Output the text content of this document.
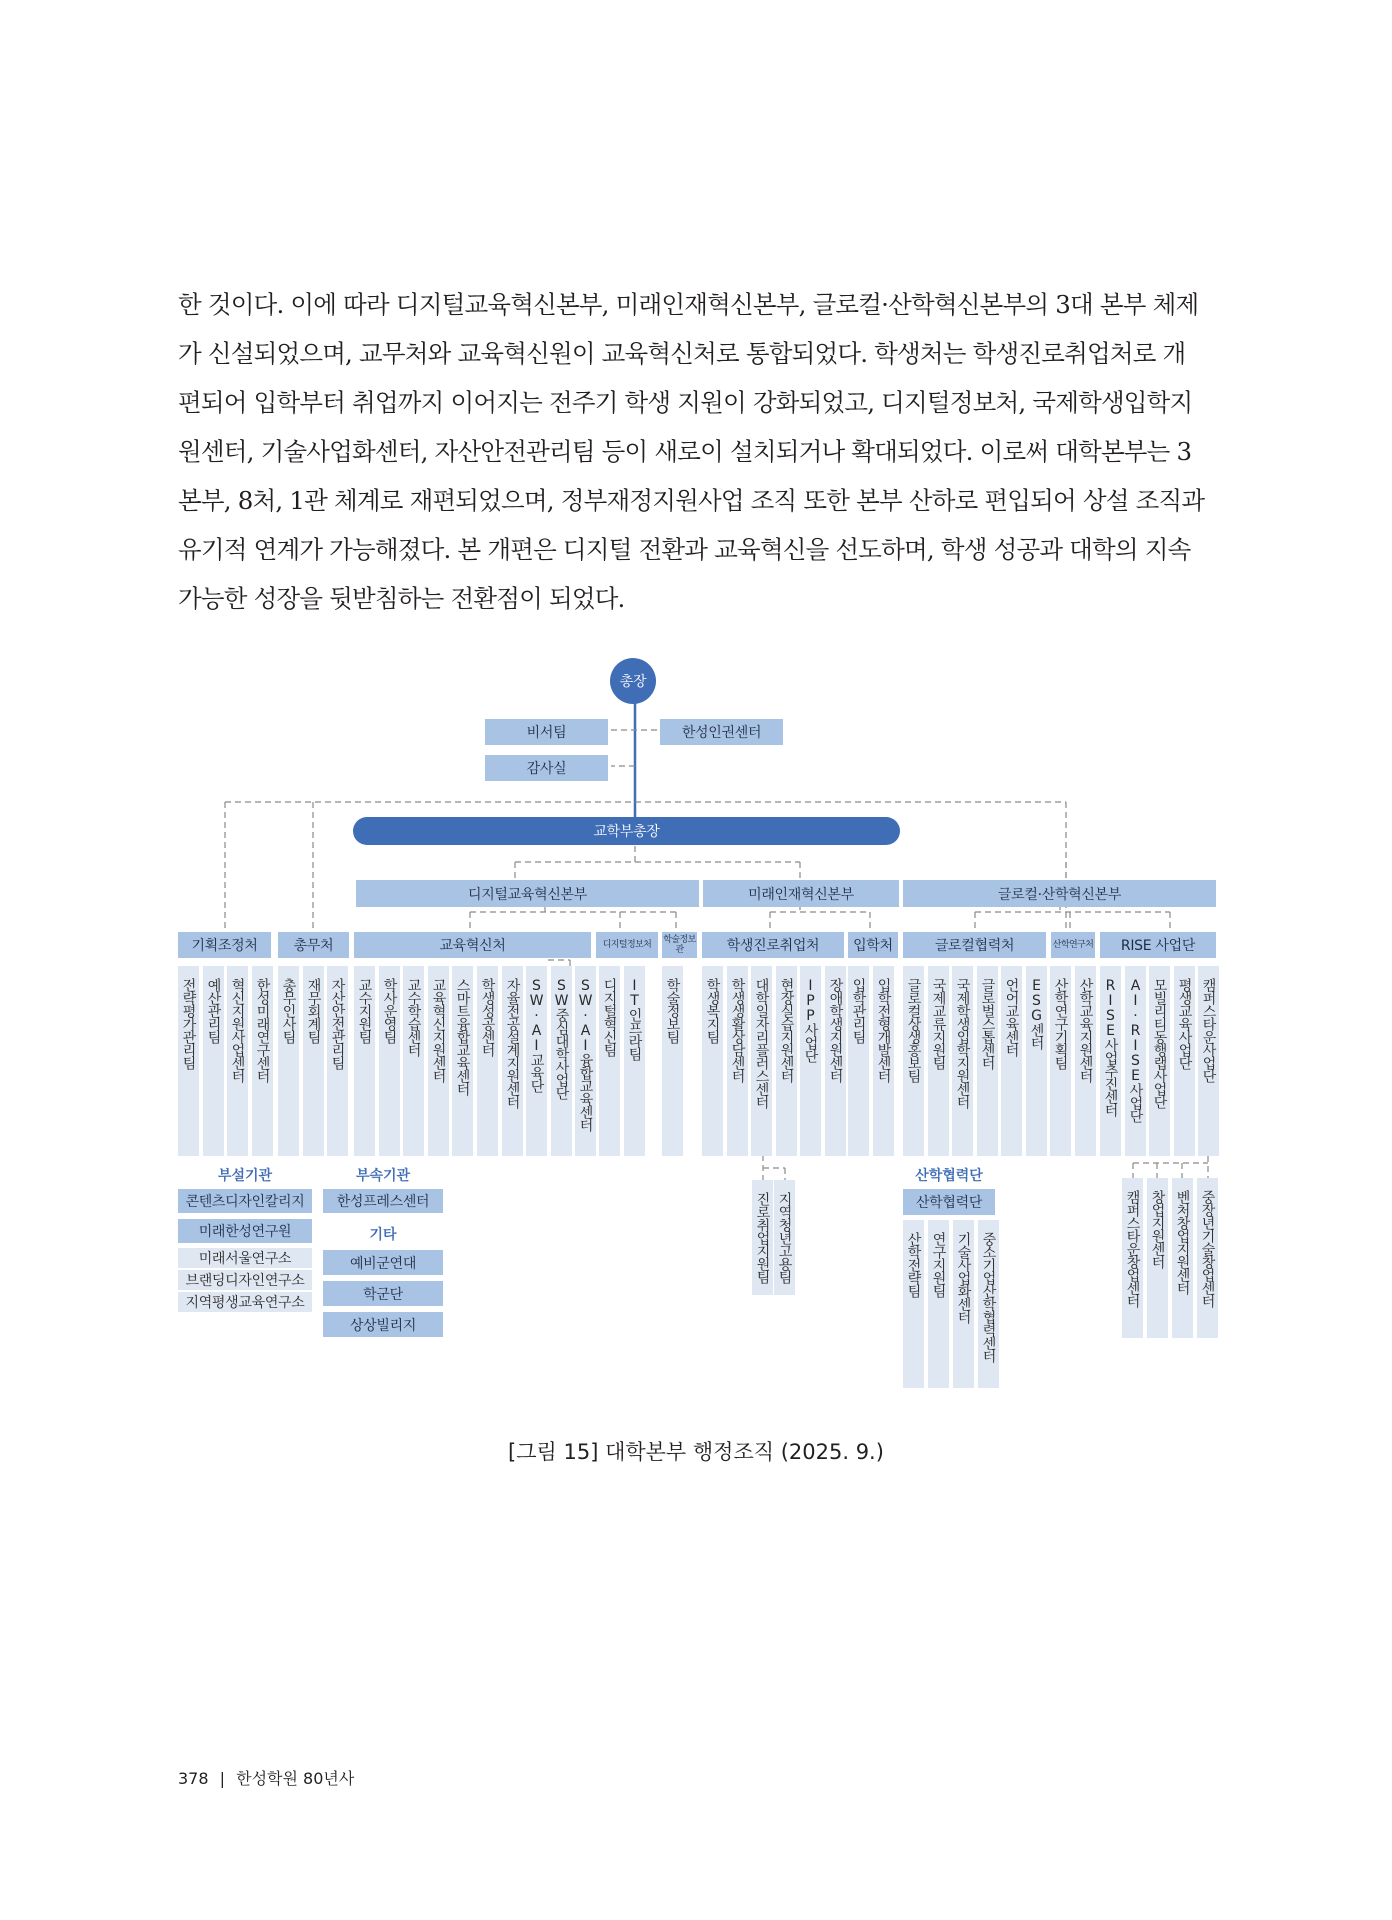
한 것이다. 이에 따라 디지털교육혁신본부, 미래인재혁신본부, 글로컬·산학혁신본부의 3대 본부 체제
가 신설되었으며, 교무처와 교육혁신원이 교육혁신처로 통합되었다. 학생처는 학생진로취업처로 개
편되어 입학부터 취업까지 이어지는 전주기 학생 지원이 강화되었고, 디지털정보처, 국제학생입학지
원센터, 기술사업화센터, 자산안전관리팀 등이 새로이 설치되거나 확대되었다. 이로써 대학본부는 3
본부, 8처, 1관 체계로 재편되었으며, 정부재정지원사업 조직 또한 본부 산하로 편입되어 상설 조직과
유기적 연계가 가능해졌다. 본 개편은 디지털 전환과 교육혁신을 선도하며, 학생 성공과 대학의 지속
가능한 성장을 뒷받침하는 전환점이 되었다.
총장
비서팀	한성인권센터
감사실
교학부총장
디지털교육혁신본부	미래인재혁신본부	글로컬·산학혁신본부
기획조정처	총무처	교육혁신처	디지털정보처	학술정보관	학생진로취업처	입학처	글로컬협력처	산학연구처	RISE 사업단
전략평가관리팀 예산관리팀 혁신지원사업센터 한성미래연구센터 총무인사팀 재무회계팀 자산안전관리팀 교수지원팀 학사운영팀 교수학습센터 교육혁신지원센터 스마트융합교육센터 학생성공센터 자율전공설계지원센터 SW·AI교육단 SW중심대학사업단 SW·AI융합교육센터 디지털혁신팀 IT인프라팀 학술정보팀 학생복지팀 학생생활상담센터 대학일자리플러스센터 현장실습지원센터 IPP사업단 장애학생지원센터 입학관리팀 입학전형개발센터 글로컬상생홍보팀 국제교류지원팀 국제학생입학지원센터 글로벌스톱센터 언어교육센터 ESG센터 산학연구기획팀 산학교육지원센터 RISE사업추진센터 AI·RISE사업단 모빌리티동행랩사업단 평생교육사업단 캠퍼스타운사업단
진로취업지원팀 지역청년고용팀	캠퍼스타운창업센터 창업지원센터 벤처창업지원센터 중장년기술창업센터
부설기관
콘텐츠디자인칼리지
미래한성연구원
미래서울연구소
브랜딩디자인연구소
지역평생교육연구소
부속기관
한성프레스센터
기타
예비군연대
학군단
상상빌리지
산학협력단
산학협력단
산학전략팀 연구지원팀 기술사업화센터 중소기업산학협력센터
[그림 15] 대학본부 행정조직 (2025. 9.)
378 | 한성학원 80년사
